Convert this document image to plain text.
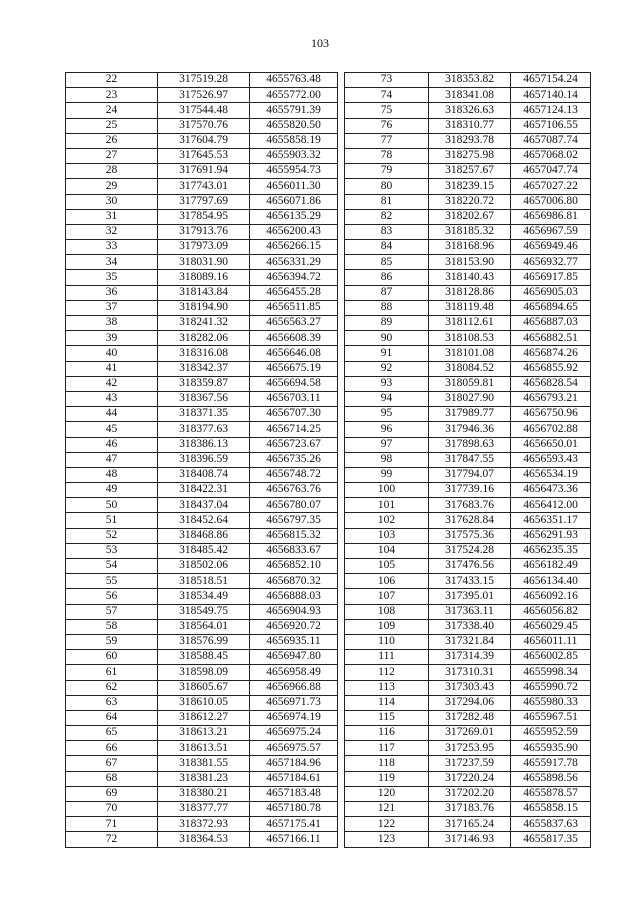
103
22	317519.28	4655763.48
23	317526.97	4655772.00
24	317544.48	4655791.39
25	317570.76	4655820.50
26	317604.79	4655858.19
27	317645.53	4655903.32
28	317691.94	4655954.73
29	317743.01	4656011.30
30	317797.69	4656071.86
31	317854.95	4656135.29
32	317913.76	4656200.43
33	317973.09	4656266.15
34	318031.90	4656331.29
35	318089.16	4656394.72
36	318143.84	4656455.28
37	318194.90	4656511.85
38	318241.32	4656563.27
39	318282.06	4656608.39
40	318316.08	4656646.08
41	318342.37	4656675.19
42	318359.87	4656694.58
43	318367.56	4656703.11
44	318371.35	4656707.30
45	318377.63	4656714.25
46	318386.13	4656723.67
47	318396.59	4656735.26
48	318408.74	4656748.72
49	318422.31	4656763.76
50	318437.04	4656780.07
51	318452.64	4656797.35
52	318468.86	4656815.32
53	318485.42	4656833.67
54	318502.06	4656852.10
55	318518.51	4656870.32
56	318534.49	4656888.03
57	318549.75	4656904.93
58	318564.01	4656920.72
59	318576.99	4656935.11
60	318588.45	4656947.80
61	318598.09	4656958.49
62	318605.67	4656966.88
63	318610.05	4656971.73
64	318612.27	4656974.19
65	318613.21	4656975.24
66	318613.51	4656975.57
67	318381.55	4657184.96
68	318381.23	4657184.61
69	318380.21	4657183.48
70	318377.77	4657180.78
71	318372.93	4657175.41
72	318364.53	4657166.11
73	318353.82	4657154.24
74	318341.08	4657140.14
75	318326.63	4657124.13
76	318310.77	4657106.55
77	318293.78	4657087.74
78	318275.98	4657068.02
79	318257.67	4657047.74
80	318239.15	4657027.22
81	318220.72	4657006.80
82	318202.67	4656986.81
83	318185.32	4656967.59
84	318168.96	4656949.46
85	318153.90	4656932.77
86	318140.43	4656917.85
87	318128.86	4656905.03
88	318119.48	4656894.65
89	318112.61	4656887.03
90	318108.53	4656882.51
91	318101.08	4656874.26
92	318084.52	4656855.92
93	318059.81	4656828.54
94	318027.90	4656793.21
95	317989.77	4656750.96
96	317946.36	4656702.88
97	317898.63	4656650.01
98	317847.55	4656593.43
99	317794.07	4656534.19
100	317739.16	4656473.36
101	317683.76	4656412.00
102	317628.84	4656351.17
103	317575.36	4656291.93
104	317524.28	4656235.35
105	317476.56	4656182.49
106	317433.15	4656134.40
107	317395.01	4656092.16
108	317363.11	4656056.82
109	317338.40	4656029.45
110	317321.84	4656011.11
111	317314.39	4656002.85
112	317310.31	4655998.34
113	317303.43	4655990.72
114	317294.06	4655980.33
115	317282.48	4655967.51
116	317269.01	4655952.59
117	317253.95	4655935.90
118	317237.59	4655917.78
119	317220.24	4655898.56
120	317202.20	4655878.57
121	317183.76	4655858.15
122	317165.24	4655837.63
123	317146.93	4655817.35
